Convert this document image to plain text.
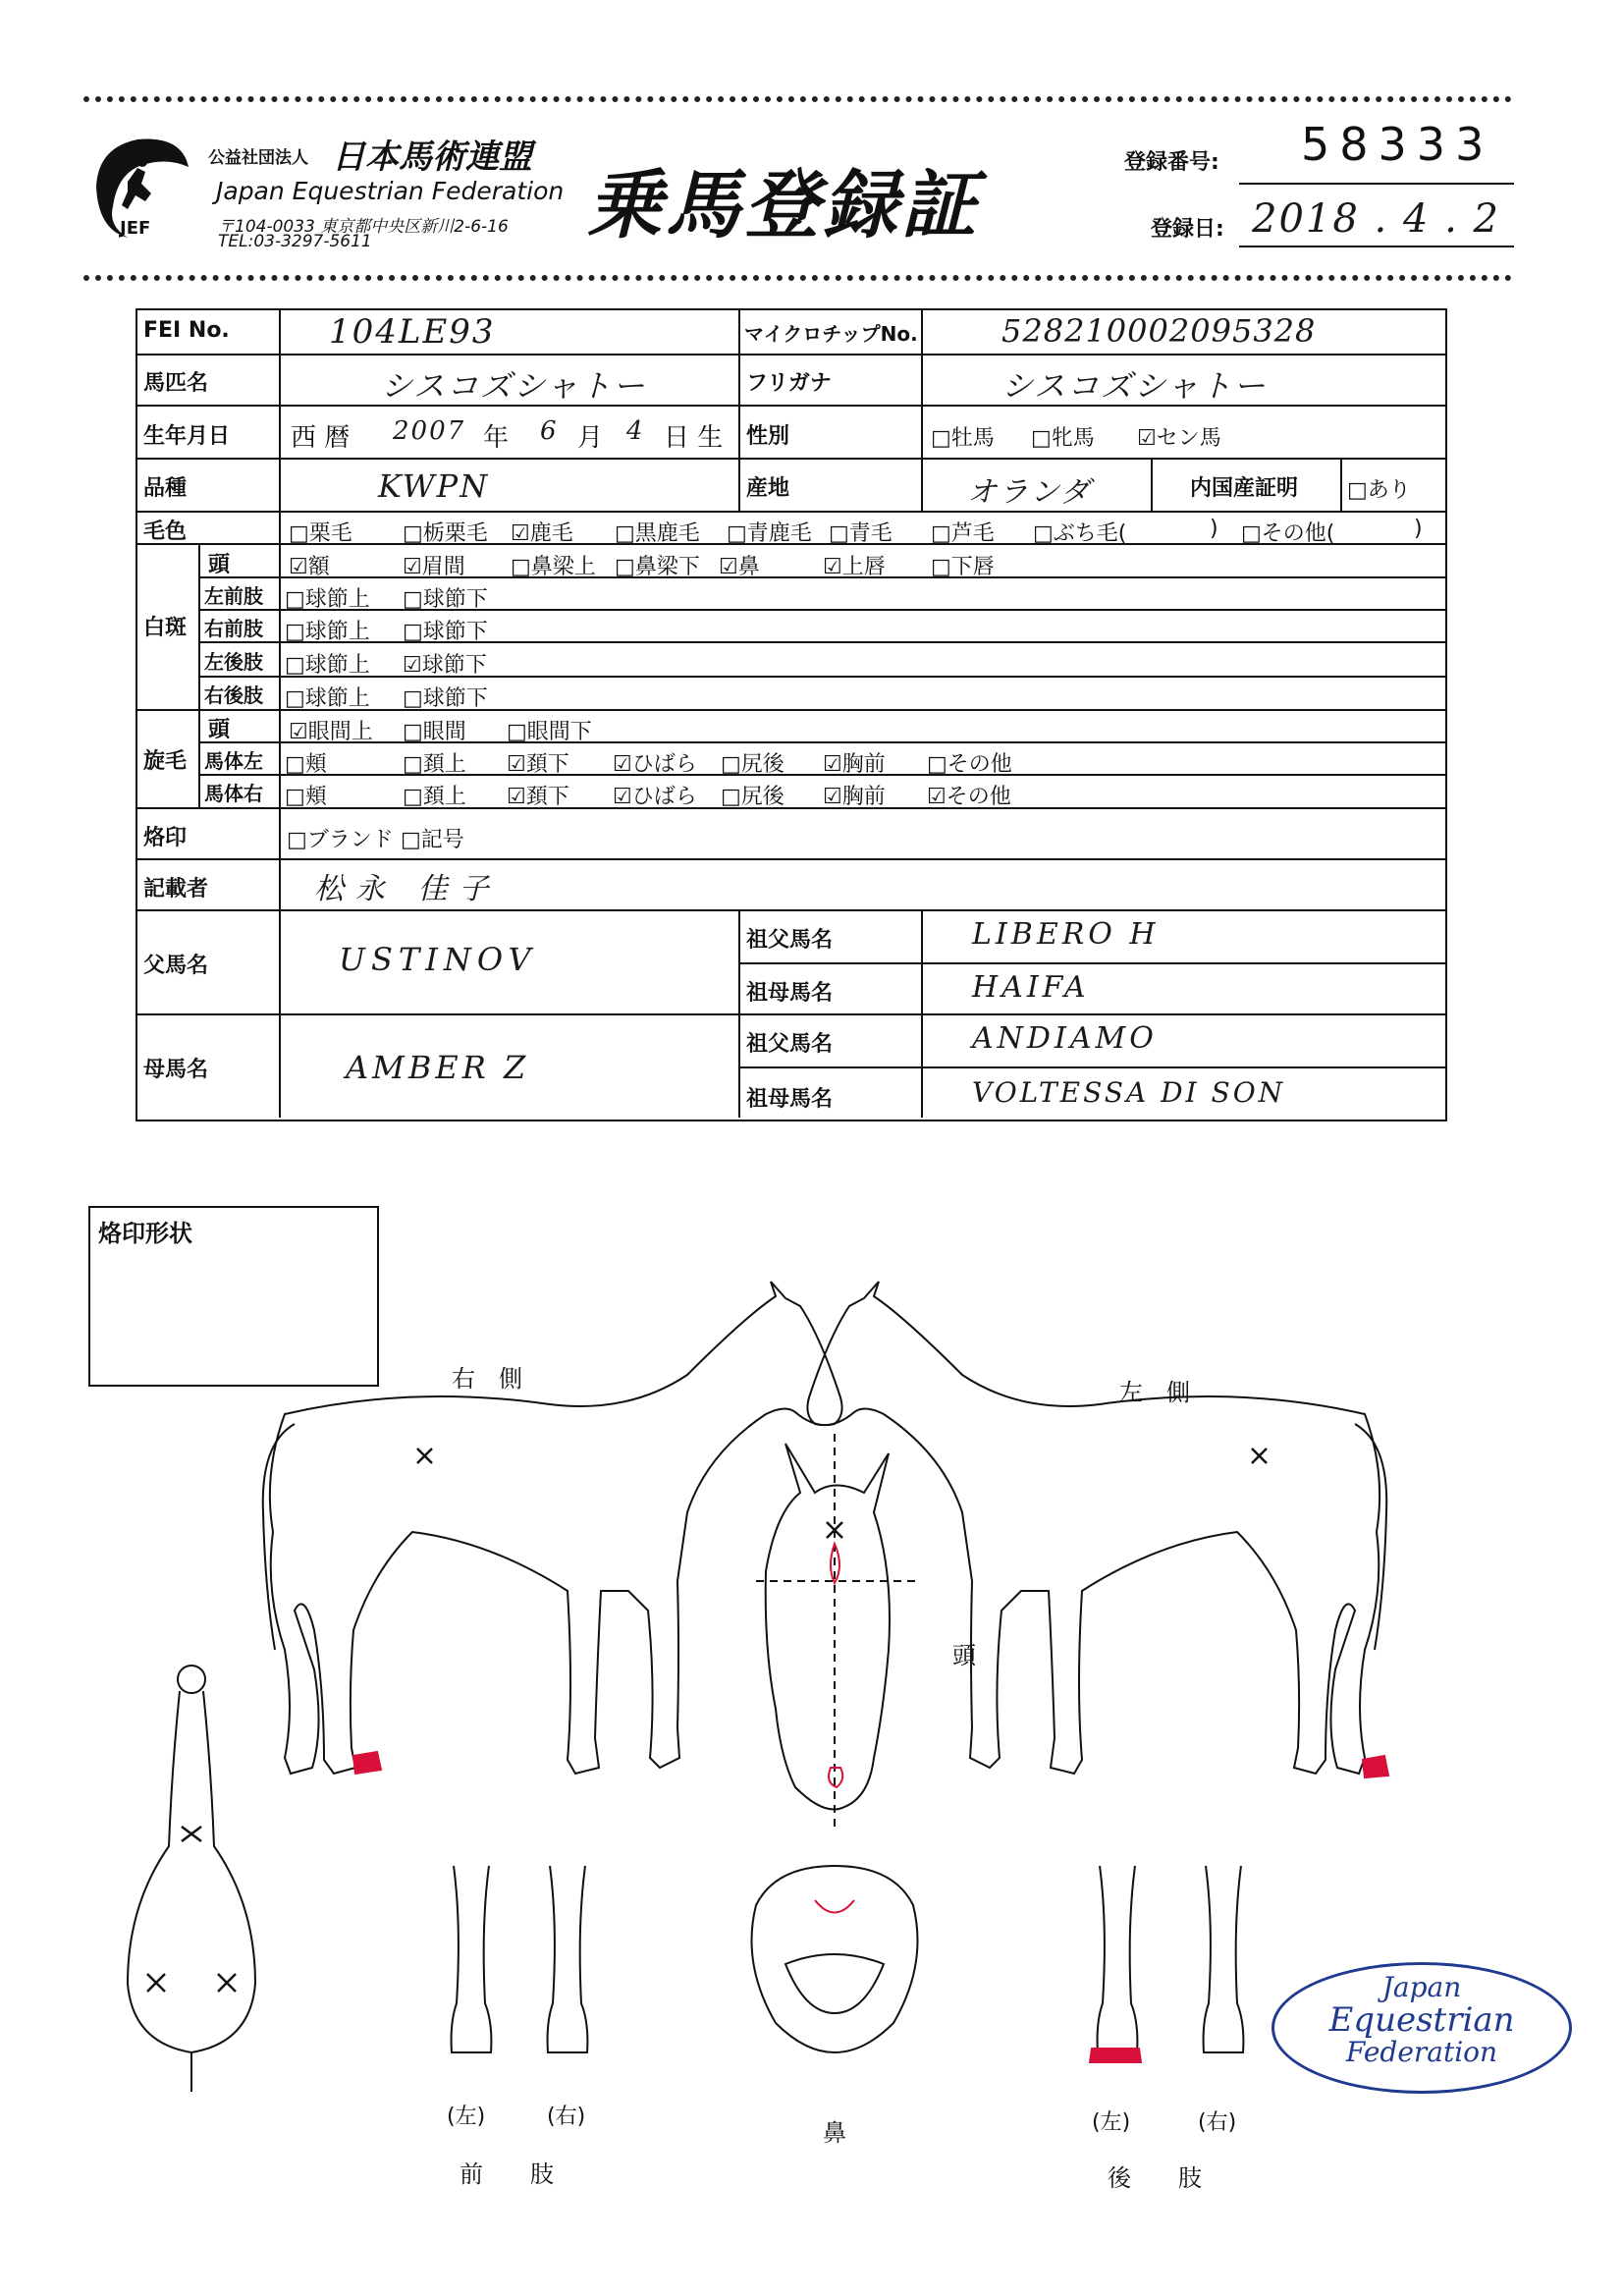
JEF
公益社団法人 日本馬術連盟
Japan Equestrian Federation
〒104-0033 東京都中央区新川2-6-16
TEL:03-3297-5611	乗馬登録証	登録番号: 58333
登録日: 2018 . 4 . 2
FEI No.	104LE93	マイクロチップNo.	528210002095328
馬匹名	シスコズシャトー	フリガナ	シスコズシャトー
生年月日 西 暦 2007 年 6 月 4 日 生 性別	□牡馬 □牝馬 ☑セン馬
品種	KWPN	産地	オランダ	内国産証明 □あり
毛色	□栗毛 □栃栗毛 ☑鹿毛 □黒鹿毛 □青鹿毛 □青毛 □芦毛 □ぶち毛(	) □その他(	)
白斑
頭	☑額	☑眉間 □鼻梁上 □鼻梁下 ☑鼻	☑上唇 □下唇
左前肢 □球節上 □球節下
右前肢 □球節上 □球節下
左後肢 □球節上 ☑球節下
右後肢 □球節上 □球節下
旋毛
頭	☑眼間上 □眼間 □眼間下
馬体左 □頬	□頚上 ☑頚下 ☑ひばら □尻後 ☑胸前 □その他
馬体右 □頬	□頚上 ☑頚下 ☑ひばら □尻後 ☑胸前 ☑その他
烙印	□ブランド □記号
記載者	松永 佳子
父馬名	USTINOV
祖父馬名	LIBERO H
祖母馬名	HAIFA
母馬名	AMBER Z
祖父馬名	ANDIAMO
祖母馬名	VOLTESSA DI SON
烙印形状
右　側	左　側
頭
鼻
(左)	(右)
前　　肢
(左)	(右)
後　　肢
Japan
Equestrian
Federation
